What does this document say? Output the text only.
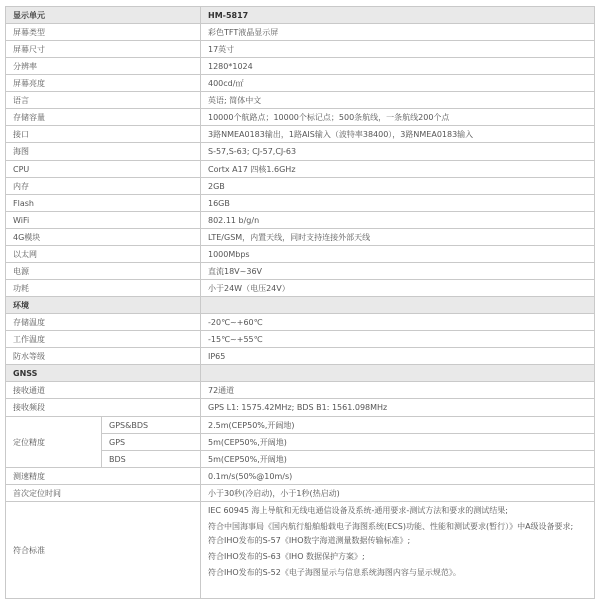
显示单元		HM-5817
屏幕类型		彩色TFT液晶显示屏
屏幕尺寸		17英寸
分辨率		1280*1024
屏幕亮度		400cd/㎡
语言		英语; 简体中文
存储容量		10000个航路点；10000个标记点；500条航线，一条航线200个点
接口		3路NMEA0183输出，1路AIS输入（波特率38400），3路NMEA0183输入
海图		S-57,S-63; CJ-57,CJ-63
CPU		Cortx A17 四核1.6GHz
内存		2GB
Flash		16GB
WiFi		802.11 b/g/n
4G模块		LTE/GSM，内置天线，同时支持连接外部天线
以太网		1000Mbps
电源		直流18V~36V
功耗		小于24W（电压24V）
环境		
存储温度		-20℃~+60℃
工作温度		-15℃~+55℃
防水等级		IP65
GNSS		
接收通道		72通道
接收频段		GPS L1: 1575.42MHz; BDS B1: 1561.098MHz
定位精度	GPS&BDS	2.5m(CEP50%,开阔地)
	GPS	5m(CEP50%,开阔地)
	BDS	5m(CEP50%,开阔地)
测速精度		0.1m/s(50%@10m/s)
首次定位时间		小于30秒(冷启动)，小于1秒(热启动)
符合标准		IEC 60945 海上导航和无线电通信设备及系统-通用要求-测试方法和要求的测试结果;
符合中国海事局《国内航行船舶船载电子海图系统(ECS)功能、性能和测试要求(暂行）》中A级设备要求;
符合IHO发布的S-57《IHO数字海道测量数据传输标准》;
符合IHO发布的S-63《IHO 数据保护方案》;
符合IHO发布的S-52《电子海图显示与信息系统海图内容与显示规范》。
